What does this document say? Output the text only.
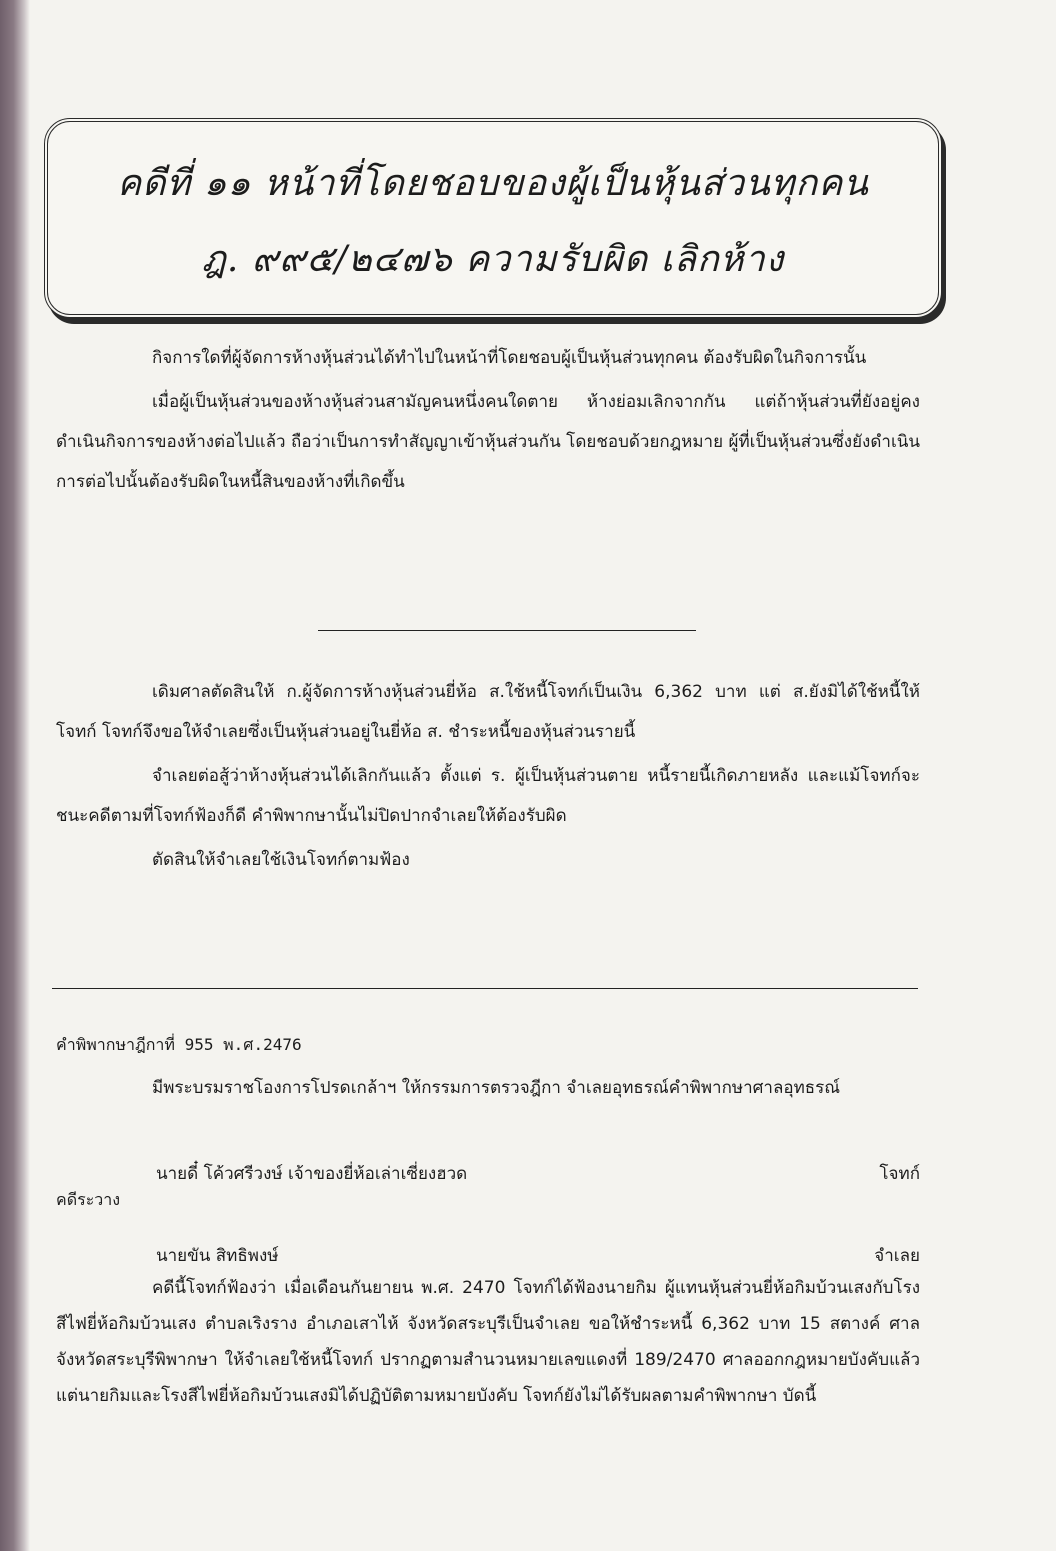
คดีที่ ๑๑ หน้าที่โดยชอบของผู้เป็นหุ้นส่วนทุกคน
ฎ. ๙๙๕/๒๔๗๖ ความรับผิด เลิกห้าง

กิจการใดที่ผู้จัดการห้างหุ้นส่วนได้ทำไปในหน้าที่โดยชอบผู้เป็นหุ้นส่วนทุกคน ต้องรับผิดในกิจการนั้น

เมื่อผู้เป็นหุ้นส่วนของห้างหุ้นส่วนสามัญคนหนึ่งคนใดตาย ห้างย่อมเลิกจากกัน แต่ถ้าหุ้นส่วนที่ยังอยู่คงดำเนินกิจการของห้างต่อไปแล้ว ถือว่าเป็นการทำสัญญาเข้าหุ้นส่วนกัน โดยชอบด้วยกฎหมาย ผู้ที่เป็นหุ้นส่วนซึ่งยังดำเนินการต่อไปนั้นต้องรับผิดในหนี้สินของห้างที่เกิดขึ้น

เดิมศาลตัดสินให้ ก.ผู้จัดการห้างหุ้นส่วนยี่ห้อ ส.ใช้หนี้โจทก์เป็นเงิน 6,362 บาท แต่ ส.ยังมิได้ใช้หนี้ให้โจทก์ โจทก์จึงขอให้จำเลยซึ่งเป็นหุ้นส่วนอยู่ในยี่ห้อ ส. ชำระหนี้ของหุ้นส่วนรายนี้

จำเลยต่อสู้ว่าห้างหุ้นส่วนได้เลิกกันแล้ว ตั้งแต่ ร. ผู้เป็นหุ้นส่วนตาย หนี้รายนี้เกิดภายหลัง และแม้โจทก์จะชนะคดีตามที่โจทก์ฟ้องก็ดี คำพิพากษานั้นไม่ปิดปากจำเลยให้ต้องรับผิด

ตัดสินให้จำเลยใช้เงินโจทก์ตามฟ้อง

คำพิพากษาฎีกาที่ 955 พ.ศ.2476

มีพระบรมราชโองการโปรดเกล้าฯ ให้กรรมการตรวจฎีกา จำเลยอุทธรณ์คำพิพากษาศาลอุทธรณ์

นายดี๋ โค้วศรีวงษ์ เจ้าของยี่ห้อเล่าเซี่ยงฮวด	โจทก์
คดีระวาง
นายขัน สิทธิพงษ์	จำเลย

คดีนี้โจทก์ฟ้องว่า เมื่อเดือนกันยายน พ.ศ. 2470 โจทก์ได้ฟ้องนายกิม ผู้แทนหุ้นส่วนยี่ห้อกิมบ้วนเสงกับโรงสีไฟยี่ห้อกิมบ้วนเสง ตำบลเริงราง อำเภอเสาไห้ จังหวัดสระบุรีเป็นจำเลย ขอให้ชำระหนี้ 6,362 บาท 15 สตางค์ ศาลจังหวัดสระบุรีพิพากษา ให้จำเลยใช้หนี้โจทก์ ปรากฏตามสำนวนหมายเลขแดงที่ 189/2470 ศาลออกกฎหมายบังคับแล้ว แต่นายกิมและโรงสีไฟยี่ห้อกิมบ้วนเสงมิได้ปฏิบัติตามหมายบังคับ โจทก์ยังไม่ได้รับผลตามคำพิพากษา บัดนี้
